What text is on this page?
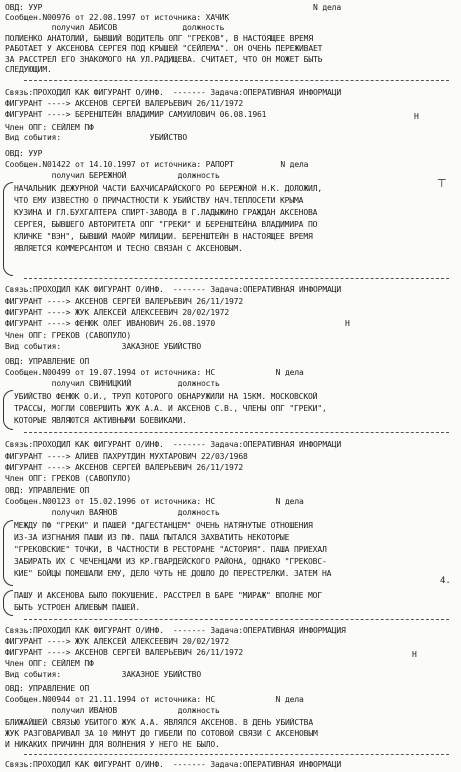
ОВД: УУР                                                          N дела
Сообщен.N00976 от 22.08.1997 от источника: ХАЧИК
получил АБИСОВ              должность
ПОЛИЕНКО АНАТОЛИЙ, БЫВШИЙ ВОДИТЕЛЬ ОПГ "ГРЕКОВ", В НАСТОЯЩЕЕ ВРЕМЯ
РАБОТАЕТ У АКСЕНОВА СЕРГЕЯ ПОД КРЫШЕЙ "СЕЙЛЕМА". ОН ОЧЕНЬ ПЕРЕЖИВАЕТ
ЗА РАССТРЕЛ ЕГО ЗНАКОМОГО НА УЛ.РАДИЩЕВА. СЧИТАЕТ, ЧТО ОН МОЖЕТ БЫТЬ
СЛЕДУЮЩИМ.
Связь:ПРОХОДИЛ КАК ФИГУРАНТ О/ИНФ.  ------- Задача:ОПЕРАТИВНАЯ ИНФОРМАЦИ
ФИГУРАНТ ----> АКСЕНОВ СЕРГЕЙ ВАЛЕРЬЕВИЧ 26/11/1972
ФИГУРАНТ ----> БЕРЕНШТЕЙН ВЛАДИМИР САМУИЛОВИЧ 06.08.1961	Н
Член ОПГ: СЕЙЛЕМ ПФ
Вид события:                   УБИЙСТВО
ОВД: УУР
Сообщен.N01422 от 14.10.1997 от источника: РАПОРТ          N дела
получил БЕРЕЖНОЙ           должность
НАЧАЛЬНИК ДЕЖУРНОЙ ЧАСТИ БАХЧИСАРАЙСКОГО РО БЕРЕЖНОЙ Н.К. ДОЛОЖИЛ,
ЧТО ЕМУ ИЗВЕСТНО О ПРИЧАСТНОСТИ К УБИЙСТВУ НАЧ.ТЕПЛОСЕТИ КРЫМА
КУЗИНА И ГЛ.БУХГАЛТЕРА СПИРТ-ЗАВОДА В Г.ЛАДЫЖИНО ГРАЖДАН АКСЕНОВА
СЕРГЕЯ, БЫВШЕГО АВТОРИТЕТА ОПГ "ГРЕКИ" И БЕРЕНШТЕЙНА ВЛАДИМИРА ПО
КЛИЧКЕ "ВЭН", БЫВШИЙ МАОЙР МИЛИЦИИ. БЕРЕНШТЕЙН В НАСТОЯЩЕЕ ВРЕМЯ
ЯВЛЯЕТСЯ КОММЕРСАНТОМ И ТЕСНО СВЯЗАН С АКСЕНОВЫМ.
⊤
Связь:ПРОХОДИЛ КАК ФИГУРАНТ О/ИНФ.  ------- Задача:ОПЕРАТИВНАЯ ИНФОРМАЦИ
ФИГУРАНТ ----> АКСЕНОВ СЕРГЕЙ ВАЛЕРЬЕВИЧ 26/11/1972
ФИГУРАНТ ----> ЖУК АЛЕКСЕЙ АЛЕКСЕЕВИЧ 20/02/1972
ФИГУРАНТ ----> ФЕНЮК ОЛЕГ ИВАНОВИЧ 26.08.1970	Н
Член ОПГ: ГРЕКОВ (САВОПУЛО)
Вид события:             ЗАКАЗНОЕ УБИЙСТВО
ОВД: УПРАВЛЕНИЕ ОП
Сообщен.N00499 от 19.07.1994 от источника: НС             N дела
получил СВИНИЦКИЙ          должность
УБИЙСТВО ФЕНЮК О.И., ТРУП КОТОРОГО ОБНАРУЖИЛИ НА 15КМ. МОСКОВСКОЙ
ТРАССЫ, МОГЛИ СОВЕРШИТЬ ЖУК А.А. И АКСЕНОВ С.В., ЧЛЕНЫ ОПГ "ГРЕКИ",
КОТОРЫЕ ЯВЛЯЮТСЯ АКТИВНЫМИ БОЕВИКАМИ.
Связь:ПРОХОДИЛ КАК ФИГУРАНТ О/ИНФ.  ------- Задача:ОПЕРАТИВНАЯ ИНФОРМАЦИ
ФИГУРАНТ ----> АЛИЕВ ПАХРУТДИН МУХТАРОВИЧ 22/03/1968
ФИГУРАНТ ----> АКСЕНОВ СЕРГЕЙ ВАЛЕРЬЕВИЧ 26/11/1972
Член ОПГ: ГРЕКОВ (САВОПУЛО)
ОВД: УПРАВЛЕНИЕ ОП
Сообщен.N00123 от 15.02.1996 от источника: НС             N дела
получил ВАЯНОВ             должность
МЕЖДУ ПФ "ГРЕКИ" И ПАШЕЙ "ДАГЕСТАНЦЕМ" ОЧЕНЬ НАТЯНУТЫЕ ОТНОШЕНИЯ
ИЗ-ЗА ИЗГНАНИЯ ПАШИ ИЗ ПФ. ПАША ПЫТАЛСЯ ЗАХВАТИТЬ НЕКОТОРЫЕ
"ГРЕКОВСКИЕ" ТОЧКИ, В ЧАСТНОСТИ В РЕСТОРАНЕ "АСТОРИЯ". ПАША ПРИЕХАЛ
ЗАБИРАТЬ ИХ С ЧЕЧЕНЦАМИ ИЗ КР.ГВАРДЕЙСКОГО РАЙОНА, ОДНАКО "ГРЕКОВС-
КИЕ" БОЙЦЫ ПОМЕШАЛИ ЕМУ, ДЕЛО ЧУТЬ НЕ ДОШЛО ДО ПЕРЕСТРЕЛКИ. ЗАТЕМ НА
4.
ПАШУ И АКСЕНОВА БЫЛО ПОКУШЕНИЕ. РАССТРЕЛ В БАРЕ "МИРАЖ" ВПОЛНЕ МОГ
БЫТЬ УСТРОЕН АЛИЕВЫМ ПАШЕЙ.
Связь:ПРОХОДИЛ КАК ФИГУРАНТ О/ИНФ.  ------- Задача:ОПЕРАТИВНАЯ ИНФОРМАЦИЯ
ФИГУРАНТ ----> ЖУК АЛЕКСЕЙ АЛЕКСЕЕВИЧ 20/02/1972
ФИГУРАНТ ----> АКСЕНОВ СЕРГЕЙ ВАЛЕРЬЕВИЧ 26/11/1972	Н
Член ОПГ: СЕЙЛЕМ ПФ
Вид события:             ЗАКАЗНОЕ УБИЙСТВО
ОВД: УПРАВЛЕНИЕ ОП
Сообщен.N00944 от 21.11.1994 от источника: НС             N дела
получил ИВАНОВ             должность
БЛИЖАЙШЕЙ СВЯЗЬЮ УБИТОГО ЖУК А.А. ЯВЛЯЛСЯ АКСЕНОВ. В ДЕНЬ УБИЙСТВА
ЖУК РАЗГОВАРИВАЛ ЗА 10 МИНУТ ДО ГИБЕЛИ ПО СОТОВОЙ СВЯЗИ С АКСЕНОВЫМ
И НИКАКИХ ПРИЧИНН ДЛЯ ВОЛНЕНИЯ У НЕГО НЕ БЫЛО.
Связь:ПРОХОДИЛ КАК ФИГУРАНТ О/ИНФ.  ------- Задача:ОПЕРАТИВНАЯ ИНФОРМАЦИ
